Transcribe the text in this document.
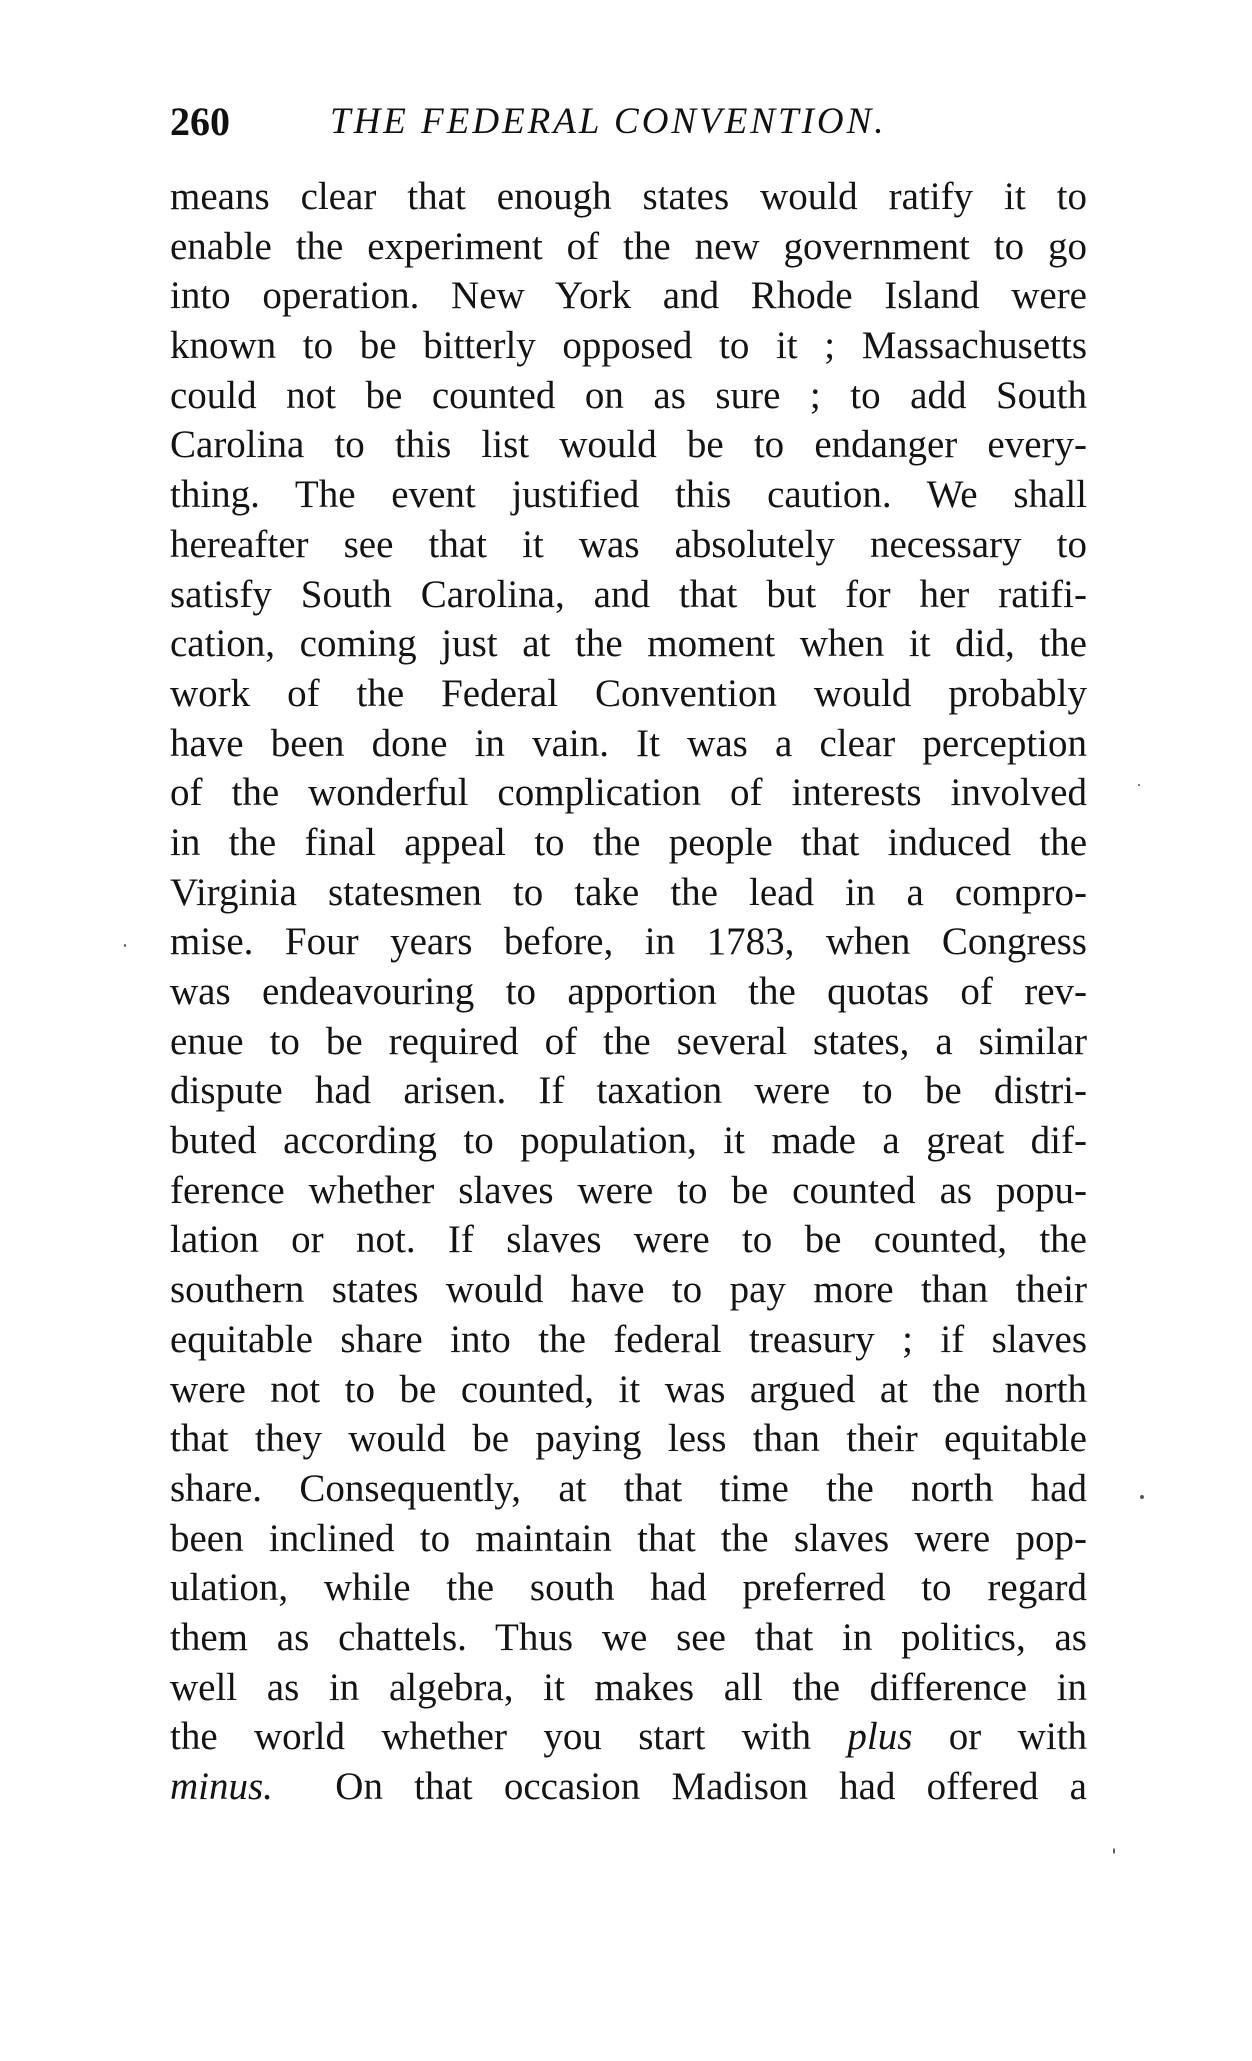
260	THE FEDERAL CONVENTION.
means clear that enough states would ratify it to
enable the experiment of the new government to go
into operation. New York and Rhode Island were
known to be bitterly opposed to it ; Massachusetts
could not be counted on as sure ; to add South
Carolina to this list would be to endanger every-
thing. The event justified this caution. We shall
hereafter see that it was absolutely necessary to
satisfy South Carolina, and that but for her ratifi-
cation, coming just at the moment when it did, the
work of the Federal Convention would probably
have been done in vain. It was a clear perception
of the wonderful complication of interests involved
in the final appeal to the people that induced the
Virginia statesmen to take the lead in a compro-
mise. Four years before, in 1783, when Congress
was endeavouring to apportion the quotas of rev-
enue to be required of the several states, a similar
dispute had arisen. If taxation were to be distri-
buted according to population, it made a great dif-
ference whether slaves were to be counted as popu-
lation or not. If slaves were to be counted, the
southern states would have to pay more than their
equitable share into the federal treasury ; if slaves
were not to be counted, it was argued at the north
that they would be paying less than their equitable
share. Consequently, at that time the north had
been inclined to maintain that the slaves were pop-
ulation, while the south had preferred to regard
them as chattels. Thus we see that in politics, as
well as in algebra, it makes all the difference in
the world whether you start with plus or with
minus.  On that occasion Madison had offered a
